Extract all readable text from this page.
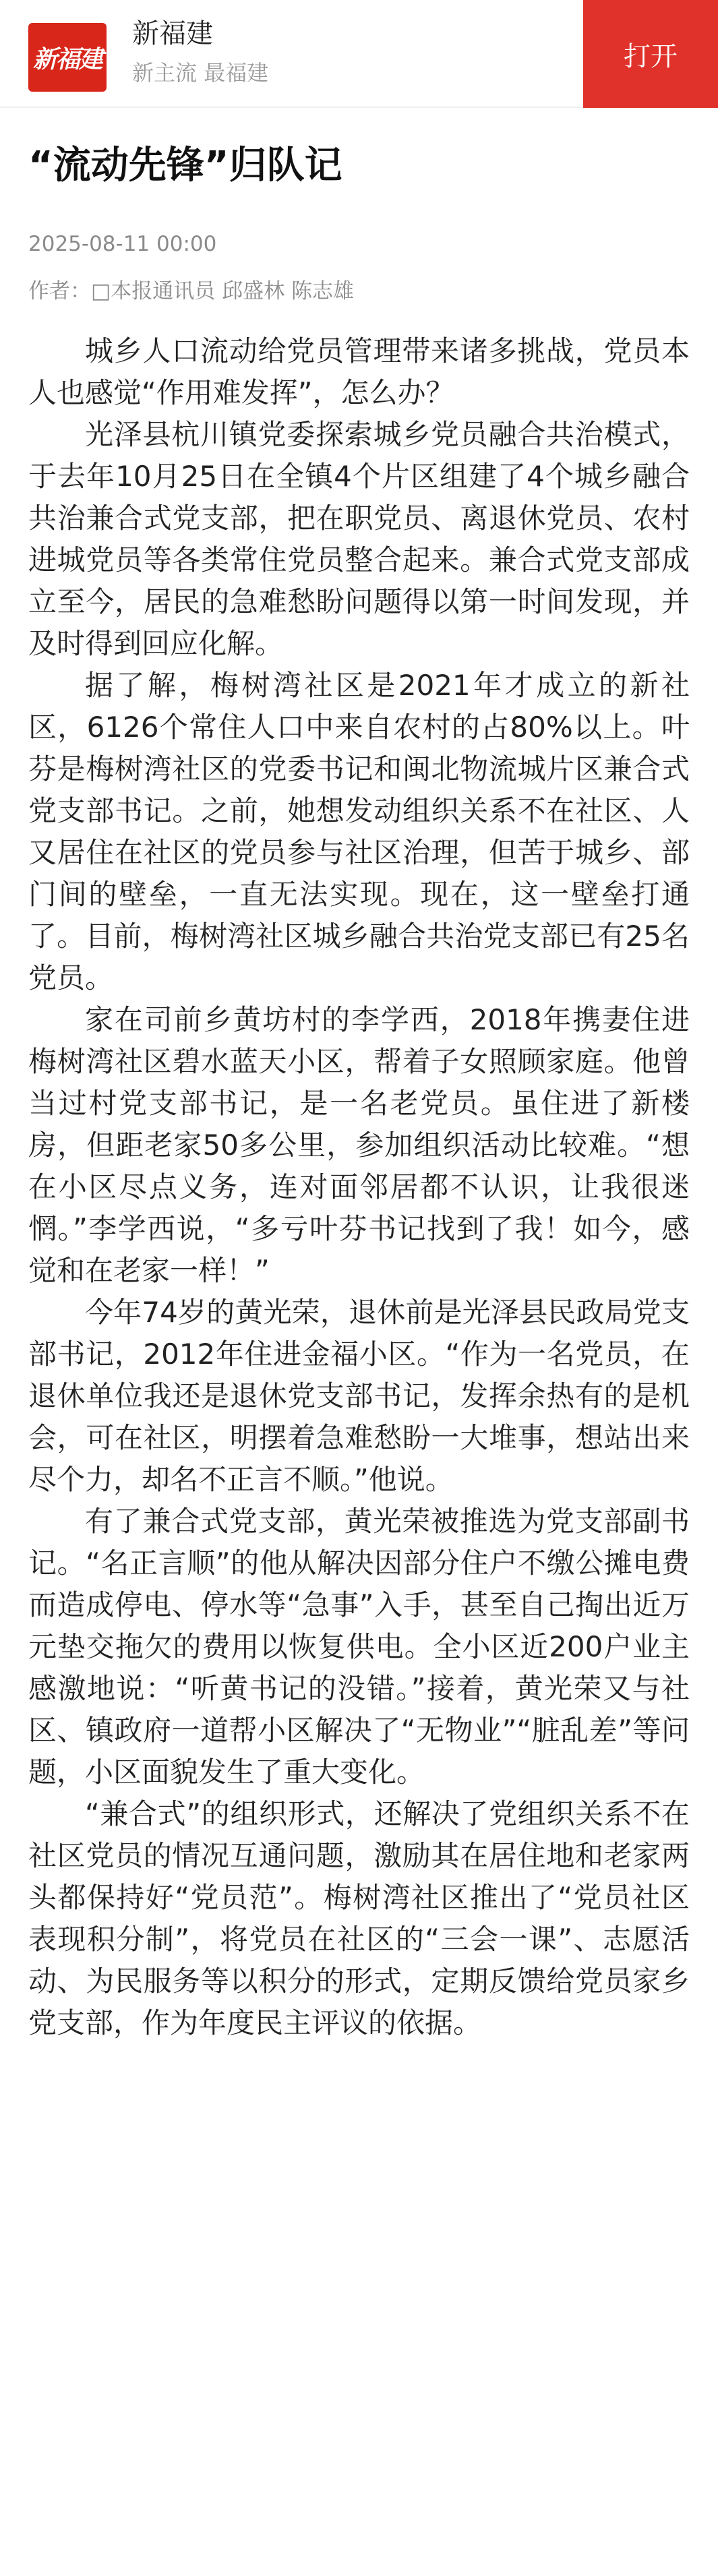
新福建
新福建
新主流 最福建
打开
“流动先锋”归队记
2025-08-11 00:00
作者：□本报通讯员 邱盛林 陈志雄

城乡人口流动给党员管理带来诸多挑战，党员本人也感觉“作用难发挥”，怎么办？

光泽县杭川镇党委探索城乡党员融合共治模式，于去年10月25日在全镇4个片区组建了4个城乡融合共治兼合式党支部，把在职党员、离退休党员、农村进城党员等各类常住党员整合起来。兼合式党支部成立至今，居民的急难愁盼问题得以第一时间发现，并及时得到回应化解。

据了解，梅树湾社区是2021年才成立的新社区，6126个常住人口中来自农村的占80%以上。叶芬是梅树湾社区的党委书记和闽北物流城片区兼合式党支部书记。之前，她想发动组织关系不在社区、人又居住在社区的党员参与社区治理，但苦于城乡、部门间的壁垒，一直无法实现。现在，这一壁垒打通了。目前，梅树湾社区城乡融合共治党支部已有25名党员。

家在司前乡黄坊村的李学西，2018年携妻住进梅树湾社区碧水蓝天小区，帮着子女照顾家庭。他曾当过村党支部书记，是一名老党员。虽住进了新楼房，但距老家50多公里，参加组织活动比较难。“想在小区尽点义务，连对面邻居都不认识，让我很迷惘。”李学西说，“多亏叶芬书记找到了我！如今，感觉和在老家一样！”

今年74岁的黄光荣，退休前是光泽县民政局党支部书记，2012年住进金福小区。“作为一名党员，在退休单位我还是退休党支部书记，发挥余热有的是机会，可在社区，明摆着急难愁盼一大堆事，想站出来尽个力，却名不正言不顺。”他说。

有了兼合式党支部，黄光荣被推选为党支部副书记。“名正言顺”的他从解决因部分住户不缴公摊电费而造成停电、停水等“急事”入手，甚至自己掏出近万元垫交拖欠的费用以恢复供电。全小区近200户业主感激地说：“听黄书记的没错。”接着，黄光荣又与社区、镇政府一道帮小区解决了“无物业”“脏乱差”等问题，小区面貌发生了重大变化。

“兼合式”的组织形式，还解决了党组织关系不在社区党员的情况互通问题，激励其在居住地和老家两头都保持好“党员范”。梅树湾社区推出了“党员社区表现积分制”，将党员在社区的“三会一课”、志愿活动、为民服务等以积分的形式，定期反馈给党员家乡党支部，作为年度民主评议的依据。
